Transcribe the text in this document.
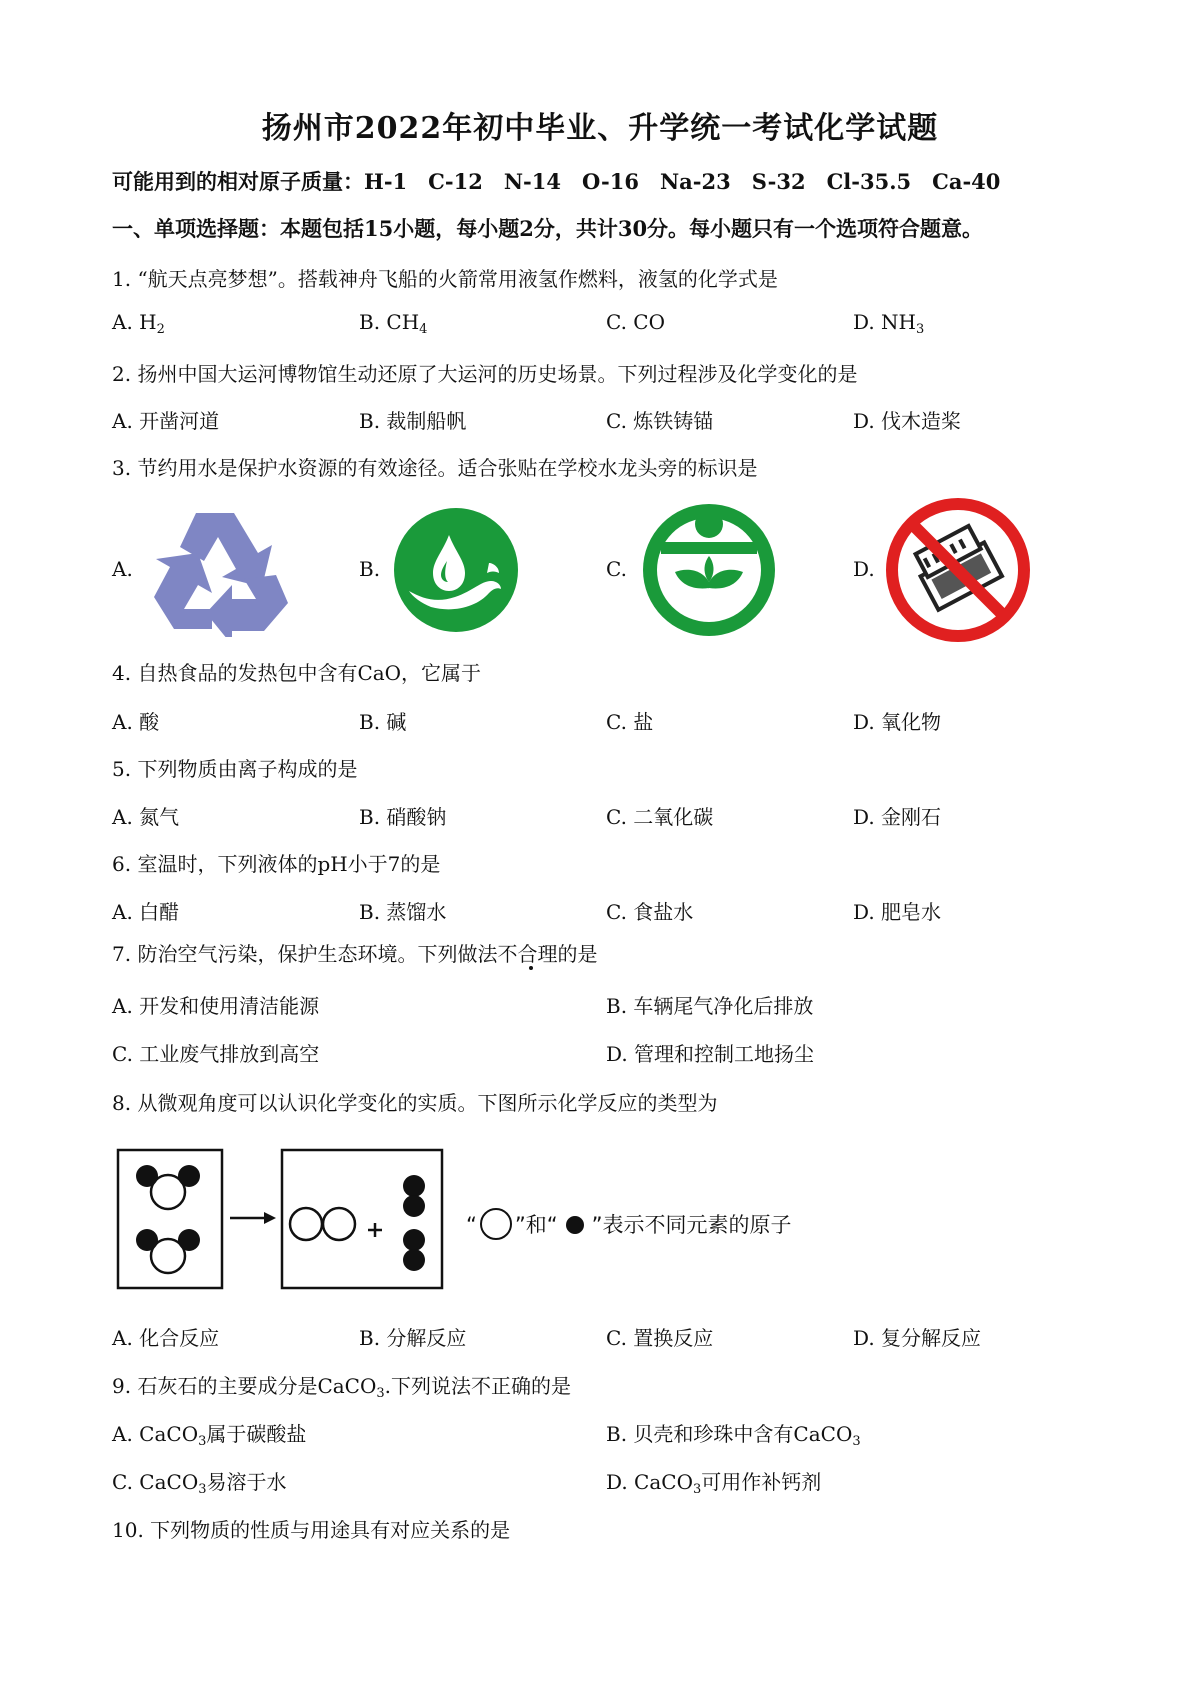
扬州市2022年初中毕业、升学统一考试化学试题
可能用到的相对原子质量：H-1　C-12　N-14　O-16　Na-23　S-32　Cl-35.5　Ca-40
一、单项选择题：本题包括15小题，每小题2分，共计30分。每小题只有一个选项符合题意。
1. “航天点亮梦想”。搭载神舟飞船的火箭常用液氢作燃料，液氢的化学式是
A. $H_2$	B. $CH_4$	C. CO	D. $NH_3$
2. 扬州中国大运河博物馆生动还原了大运河的历史场景。下列过程涉及化学变化的是
A. 开凿河道	B. 裁制船帆	C. 炼铁铸锚	D. 伐木造桨
3. 节约用水是保护水资源的有效途径。适合张贴在学校水龙头旁的标识是
A.	B.	C.	D.
4. 自热食品的发热包中含有CaO，它属于
A. 酸	B. 碱	C. 盐	D. 氧化物
5. 下列物质由离子构成的是
A. 氮气	B. 硝酸钠	C. 二氧化碳	D. 金刚石
6. 室温时，下列液体的pH小于7的是
A. 白醋	B. 蒸馏水	C. 食盐水	D. 肥皂水
7. 防治空气污染，保护生态环境。下列做法不合理的是
A. 开发和使用清洁能源	B. 车辆尾气净化后排放
C. 工业废气排放到高空	D. 管理和控制工地扬尘
8. 从微观角度可以认识化学变化的实质。下图所示化学反应的类型为
“ ”和“ ”表示不同元素的原子
A. 化合反应	B. 分解反应	C. 置换反应	D. 复分解反应
9. 石灰石的主要成分是CaCO$_3$.下列说法不正确的是
A. CaCO$_3$属于碳酸盐	B. 贝壳和珍珠中含有CaCO$_3$
C. CaCO$_3$易溶于水	D. CaCO$_3$可用作补钙剂
10. 下列物质的性质与用途具有对应关系的是
